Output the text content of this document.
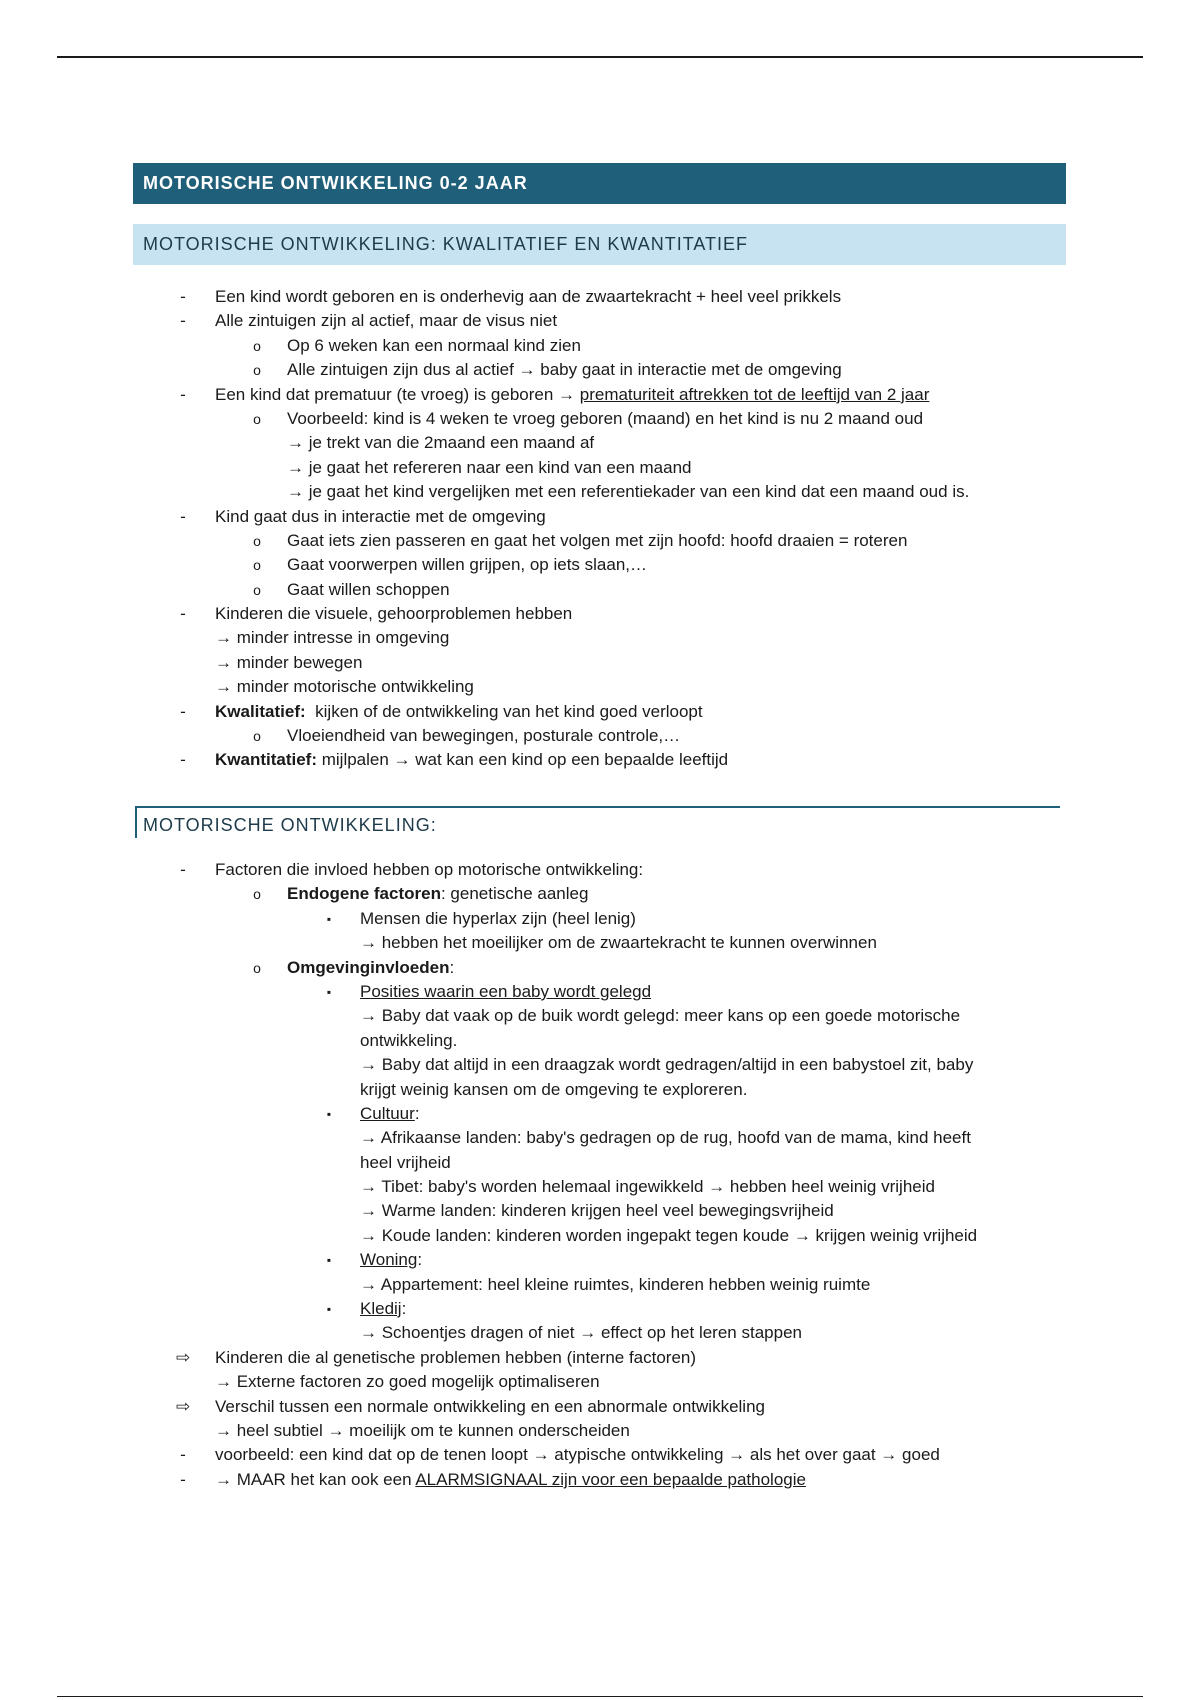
MOTORISCHE ONTWIKKELING 0-2 JAAR
MOTORISCHE ONTWIKKELING: KWALITATIEF EN KWANTITATIEF
- Een kind wordt geboren en is onderhevig aan de zwaartekracht + heel veel prikkels
- Alle zintuigen zijn al actief, maar de visus niet
o Op 6 weken kan een normaal kind zien
o Alle zintuigen zijn dus al actief → baby gaat in interactie met de omgeving
- Een kind dat prematuur (te vroeg) is geboren → prematuriteit aftrekken tot de leeftijd van 2 jaar
o Voorbeeld: kind is 4 weken te vroeg geboren (maand) en het kind is nu 2 maand oud
→ je trekt van die 2maand een maand af
→ je gaat het refereren naar een kind van een maand
→ je gaat het kind vergelijken met een referentiekader van een kind dat een maand oud is.
- Kind gaat dus in interactie met de omgeving
o Gaat iets zien passeren en gaat het volgen met zijn hoofd: hoofd draaien = roteren
o Gaat voorwerpen willen grijpen, op iets slaan,…
o Gaat willen schoppen
- Kinderen die visuele, gehoorproblemen hebben
→ minder intresse in omgeving
→ minder bewegen
→ minder motorische ontwikkeling
- Kwalitatief:  kijken of de ontwikkeling van het kind goed verloopt
o Vloeiendheid van bewegingen, posturale controle,…
- Kwantitatief: mijlpalen → wat kan een kind op een bepaalde leeftijd
MOTORISCHE ONTWIKKELING:
- Factoren die invloed hebben op motorische ontwikkeling:
o Endogene factoren: genetische aanleg
▪ Mensen die hyperlax zijn (heel lenig)
→ hebben het moeilijker om de zwaartekracht te kunnen overwinnen
o Omgevinginvloeden:
▪ Posities waarin een baby wordt gelegd
→ Baby dat vaak op de buik wordt gelegd: meer kans op een goede motorische
ontwikkeling.
→ Baby dat altijd in een draagzak wordt gedragen/altijd in een babystoel zit, baby
krijgt weinig kansen om de omgeving te exploreren.
▪ Cultuur:
→ Afrikaanse landen: baby's gedragen op de rug, hoofd van de mama, kind heeft
heel vrijheid
→ Tibet: baby's worden helemaal ingewikkeld → hebben heel weinig vrijheid
→ Warme landen: kinderen krijgen heel veel bewegingsvrijheid
→ Koude landen: kinderen worden ingepakt tegen koude → krijgen weinig vrijheid
▪ Woning:
→ Appartement: heel kleine ruimtes, kinderen hebben weinig ruimte
▪ Kledij:
→ Schoentjes dragen of niet → effect op het leren stappen
⇨ Kinderen die al genetische problemen hebben (interne factoren)
→ Externe factoren zo goed mogelijk optimaliseren
⇨ Verschil tussen een normale ontwikkeling en een abnormale ontwikkeling
→ heel subtiel → moeilijk om te kunnen onderscheiden
- voorbeeld: een kind dat op de tenen loopt → atypische ontwikkeling → als het over gaat → goed
- → MAAR het kan ook een ALARMSIGNAAL zijn voor een bepaalde pathologie
